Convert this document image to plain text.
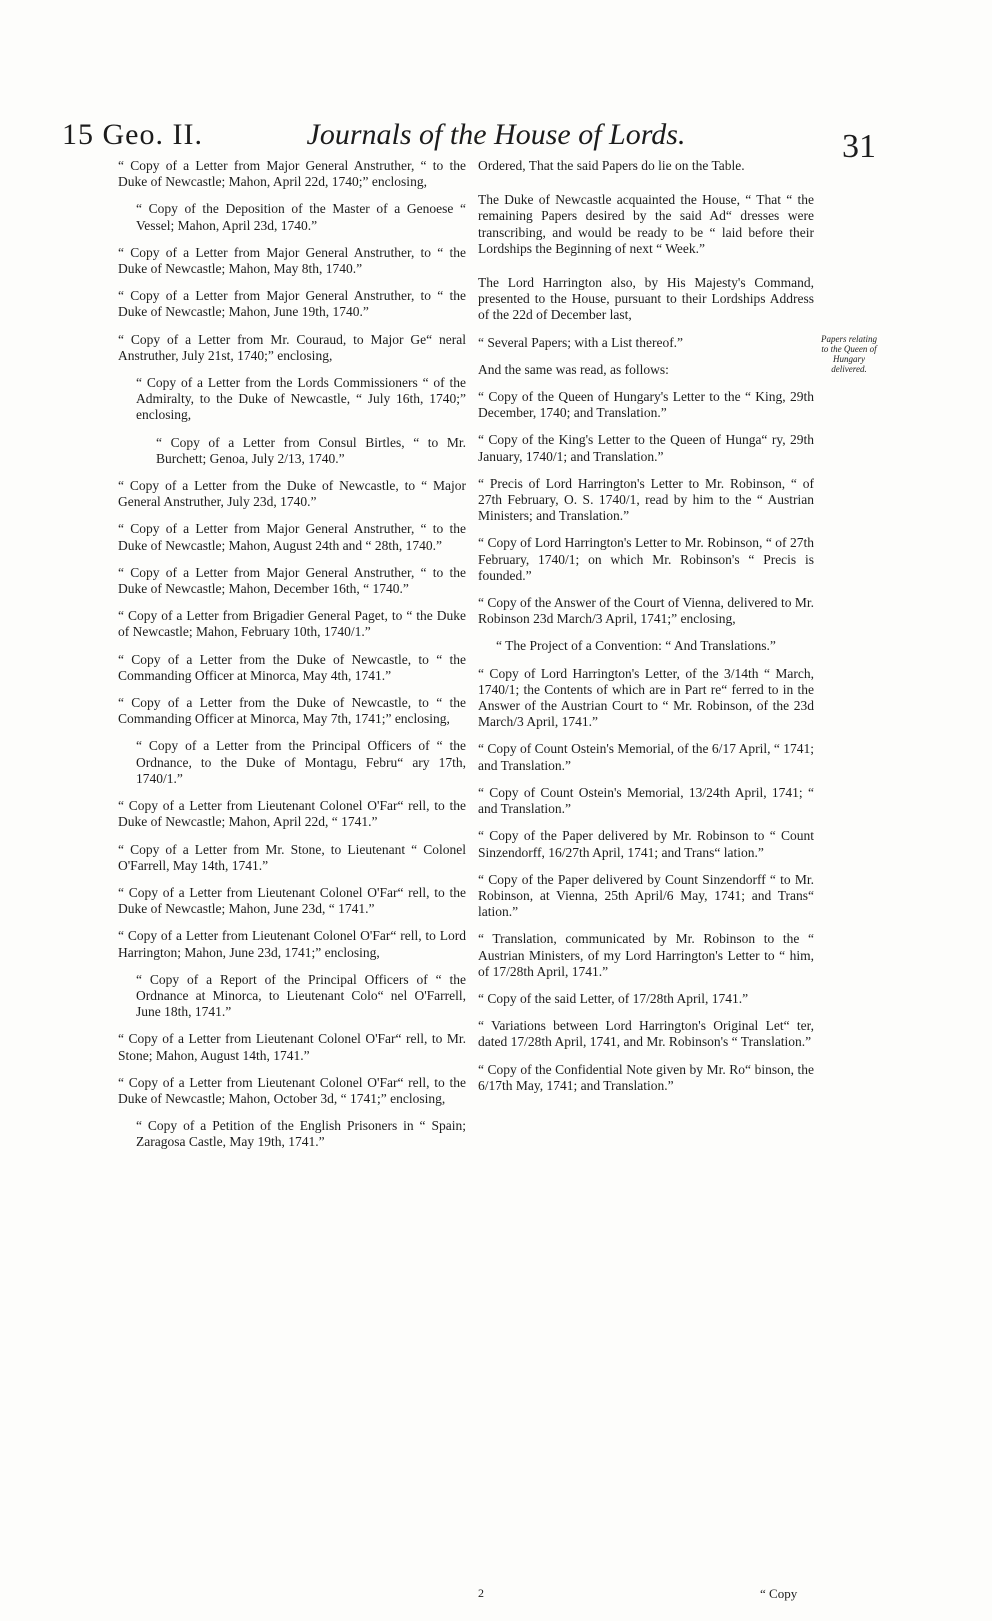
15 Geo. II.	Journals of the House of Lords.	31

“ Copy of a Letter from Major General Anstruther, “ to the Duke of Newcastle; Mahon, April 22d, 1740;” enclosing,

“ Copy of the Deposition of the Master of a Genoese “ Vessel; Mahon, April 23d, 1740.”

“ Copy of a Letter from Major General Anstruther, to “ the Duke of Newcastle; Mahon, May 8th, 1740.”

“ Copy of a Letter from Major General Anstruther, to “ the Duke of Newcastle; Mahon, June 19th, 1740.”

“ Copy of a Letter from Mr. Couraud, to Major Ge“ neral Anstruther, July 21st, 1740;” enclosing,

“ Copy of a Letter from the Lords Commissioners “ of the Admiralty, to the Duke of Newcastle, “ July 16th, 1740;” enclosing,

“ Copy of a Letter from Consul Birtles, “ to Mr. Burchett; Genoa, July 2/13, 1740.”

“ Copy of a Letter from the Duke of Newcastle, to “ Major General Anstruther, July 23d, 1740.”

“ Copy of a Letter from Major General Anstruther, “ to the Duke of Newcastle; Mahon, August 24th and “ 28th, 1740.”

“ Copy of a Letter from Major General Anstruther, “ to the Duke of Newcastle; Mahon, December 16th, “ 1740.”

“ Copy of a Letter from Brigadier General Paget, to “ the Duke of Newcastle; Mahon, February 10th, 1740/1.”

“ Copy of a Letter from the Duke of Newcastle, to “ the Commanding Officer at Minorca, May 4th, 1741.”

“ Copy of a Letter from the Duke of Newcastle, to “ the Commanding Officer at Minorca, May 7th, 1741;” enclosing,

“ Copy of a Letter from the Principal Officers of “ the Ordnance, to the Duke of Montagu, Febru“ ary 17th, 1740/1.”

“ Copy of a Letter from Lieutenant Colonel O'Far“ rell, to the Duke of Newcastle; Mahon, April 22d, “ 1741.”

“ Copy of a Letter from Mr. Stone, to Lieutenant “ Colonel O'Farrell, May 14th, 1741.”

“ Copy of a Letter from Lieutenant Colonel O'Far“ rell, to the Duke of Newcastle; Mahon, June 23d, “ 1741.”

“ Copy of a Letter from Lieutenant Colonel O'Far“ rell, to Lord Harrington; Mahon, June 23d, 1741;” enclosing,

“ Copy of a Report of the Principal Officers of “ the Ordnance at Minorca, to Lieutenant Colo“ nel O'Farrell, June 18th, 1741.”

“ Copy of a Letter from Lieutenant Colonel O'Far“ rell, to Mr. Stone; Mahon, August 14th, 1741.”

“ Copy of a Letter from Lieutenant Colonel O'Far“ rell, to the Duke of Newcastle; Mahon, October 3d, “ 1741;” enclosing,

“ Copy of a Petition of the English Prisoners in “ Spain; Zaragosa Castle, May 19th, 1741.”

Ordered, That the said Papers do lie on the Table.

The Duke of Newcastle acquainted the House, “ That “ the remaining Papers desired by the said Ad“ dresses were transcribing, and would be ready to be “ laid before their Lordships the Beginning of next “ Week.”

The Lord Harrington also, by His Majesty's Command, presented to the House, pursuant to their Lordships Address of the 22d of December last,

“ Several Papers; with a List thereof.”

And the same was read, as follows:

“ Copy of the Queen of Hungary's Letter to the “ King, 29th December, 1740; and Translation.”

“ Copy of the King's Letter to the Queen of Hunga“ ry, 29th January, 1740/1; and Translation.”

“ Precis of Lord Harrington's Letter to Mr. Robinson, “ of 27th February, O. S. 1740/1, read by him to the “ Austrian Ministers; and Translation.”

“ Copy of Lord Harrington's Letter to Mr. Robinson, “ of 27th February, 1740/1; on which Mr. Robinson's “ Precis is founded.”

“ Copy of the Answer of the Court of Vienna, delivered to Mr. Robinson 23d March/3 April, 1741;” enclosing,

“ The Project of a Convention: “ And Translations.”

“ Copy of Lord Harrington's Letter, of the 3/14th “ March, 1740/1; the Contents of which are in Part re“ ferred to in the Answer of the Austrian Court to “ Mr. Robinson, of the 23d March/3 April, 1741.”

“ Copy of Count Ostein's Memorial, of the 6/17 April, “ 1741; and Translation.”

“ Copy of Count Ostein's Memorial, 13/24th April, 1741; “ and Translation.”

“ Copy of the Paper delivered by Mr. Robinson to “ Count Sinzendorff, 16/27th April, 1741; and Trans“ lation.”

“ Copy of the Paper delivered by Count Sinzendorff “ to Mr. Robinson, at Vienna, 25th April/6 May, 1741; and Trans“ lation.”

“ Translation, communicated by Mr. Robinson to the “ Austrian Ministers, of my Lord Harrington's Letter to “ him, of 17/28th April, 1741.”

“ Copy of the said Letter, of 17/28th April, 1741.”

“ Variations between Lord Harrington's Original Let“ ter, dated 17/28th April, 1741, and Mr. Robinson's “ Translation.”

“ Copy of the Confidential Note given by Mr. Ro“ binson, the 6/17th May, 1741; and Translation.”

Papers relating to the Queen of Hungary delivered.
2	“ Copy
